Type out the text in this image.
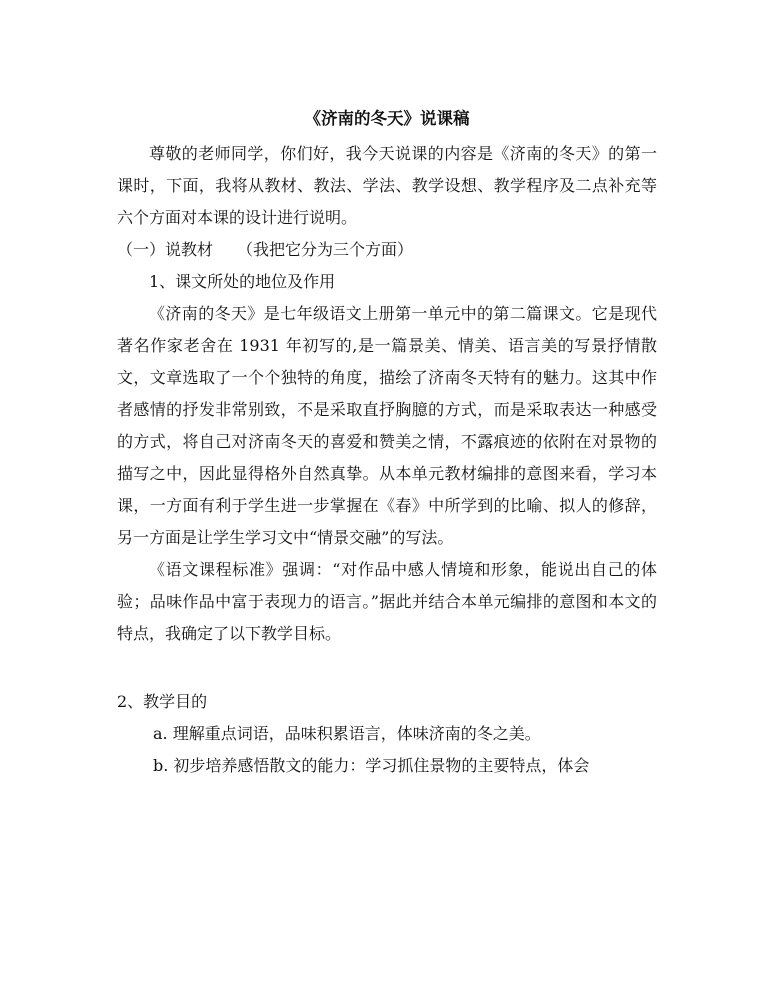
《济南的冬天》说课稿

尊敬的老师同学，你们好，我今天说课的内容是《济南的冬天》的第一课时，下面，我将从教材、教法、学法、教学设想、教学程序及二点补充等六个方面对本课的设计进行说明。

（一）说教材　　（我把它分为三个方面）

1、课文所处的地位及作用

《济南的冬天》是七年级语文上册第一单元中的第二篇课文。它是现代著名作家老舍在 1931 年初写的,是一篇景美、情美、语言美的写景抒情散文，文章选取了一个个独特的角度，描绘了济南冬天特有的魅力。这其中作者感情的抒发非常别致，不是采取直抒胸臆的方式，而是采取表达一种感受的方式，将自己对济南冬天的喜爱和赞美之情，不露痕迹的依附在对景物的描写之中，因此显得格外自然真挚。从本单元教材编排的意图来看，学习本课，一方面有利于学生进一步掌握在《春》中所学到的比喻、拟人的修辞，另一方面是让学生学习文中“情景交融”的写法。

《语文课程标准》强调：“对作品中感人情境和形象，能说出自己的体验；品味作品中富于表现力的语言。”据此并结合本单元编排的意图和本文的特点，我确定了以下教学目标。

2、教学目的

a. 理解重点词语，品味积累语言，体味济南的冬之美。

b. 初步培养感悟散文的能力：学习抓住景物的主要特点，体会
